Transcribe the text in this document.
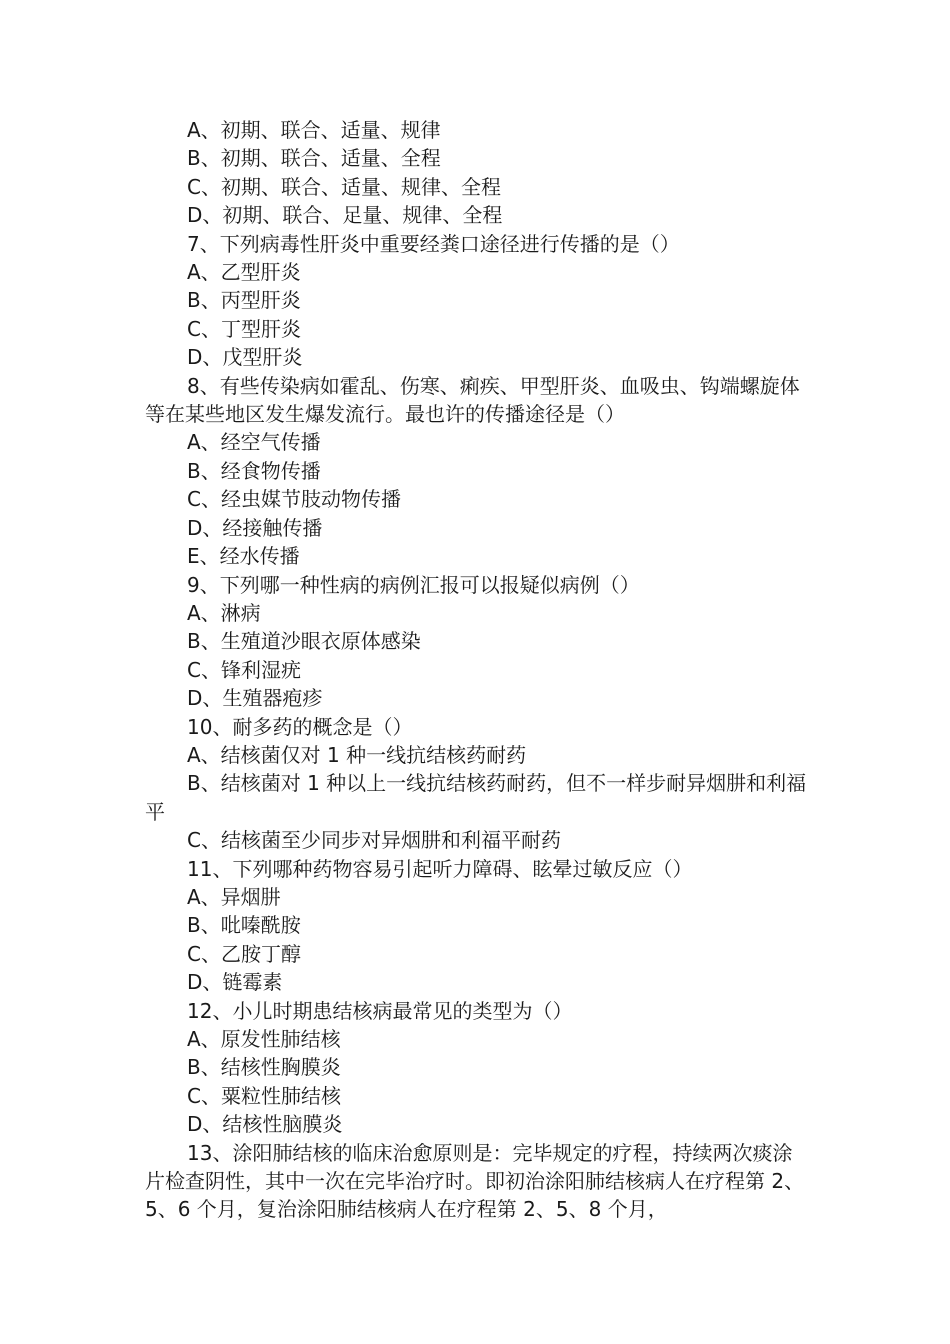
A、初期、联合、适量、规律

B、初期、联合、适量、全程

C、初期、联合、适量、规律、全程

D、初期、联合、足量、规律、全程

7、下列病毒性肝炎中重要经粪口途径进行传播的是（）

A、乙型肝炎

B、丙型肝炎

C、丁型肝炎

D、戊型肝炎

8、有些传染病如霍乱、伤寒、痢疾、甲型肝炎、血吸虫、钩端螺旋体等在某些地区发生爆发流行。最也许的传播途径是（）

A、经空气传播

B、经食物传播

C、经虫媒节肢动物传播

D、经接触传播

E、经水传播

9、下列哪一种性病的病例汇报可以报疑似病例（）

A、淋病

B、生殖道沙眼衣原体感染

C、锋利湿疣

D、生殖器疱疹

10、耐多药的概念是（）

A、结核菌仅对 1 种一线抗结核药耐药

B、结核菌对 1 种以上一线抗结核药耐药，但不一样步耐异烟肼和利福平

C、结核菌至少同步对异烟肼和利福平耐药

11、下列哪种药物容易引起听力障碍、眩晕过敏反应（）

A、异烟肼

B、吡嗪酰胺

C、乙胺丁醇

D、链霉素

12、小儿时期患结核病最常见的类型为（）

A、原发性肺结核

B、结核性胸膜炎

C、粟粒性肺结核

D、结核性脑膜炎

13、涂阳肺结核的临床治愈原则是：完毕规定的疗程，持续两次痰涂片检查阴性，其中一次在完毕治疗时。即初治涂阳肺结核病人在疗程第 2、5、6 个月，复治涂阳肺结核病人在疗程第 2、5、8 个月，
